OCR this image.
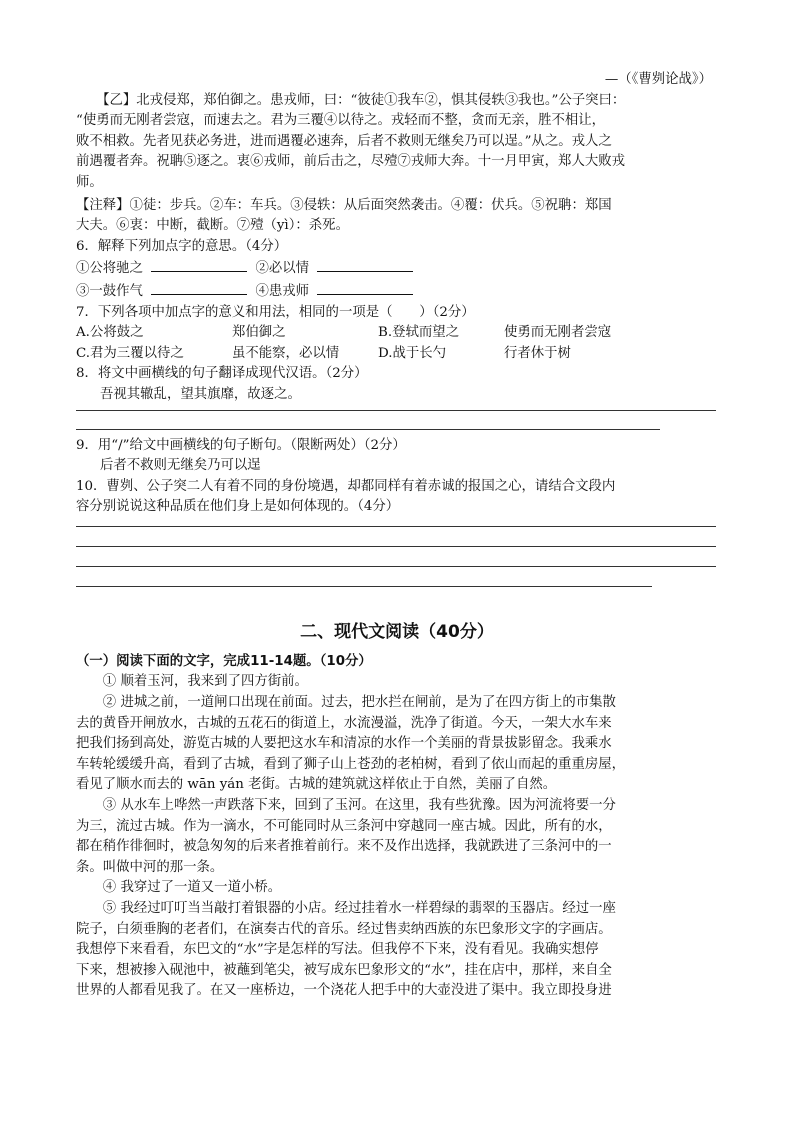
—（《曹刿论战》）
【乙】北戎侵郑，郑伯御之。患戎师，曰：“彼徒①我车②，惧其侵轶③我也。”公子突曰：
“使勇而无刚者尝寇，而速去之。君为三覆④以待之。戎轻而不整，贪而无亲，胜不相让，
败不相救。先者见获必务进，进而遇覆必速奔，后者不救则无继矣乃可以逞。”从之。戎人之
前遇覆者奔。祝聃⑤逐之。衷⑥戎师，前后击之，尽殪⑦戎师大奔。十一月甲寅，郑人大败戎
师。
【注释】①徒：步兵。②车：车兵。③侵轶：从后面突然袭击。④覆：伏兵。⑤祝聃：郑国
大夫。⑥衷：中断，截断。⑦殪（yì）：杀死。
6．解释下列加点字的意思。（4分）
①公将驰之	②必以情
③一鼓作气	④患戎师
7．下列各项中加点字的意义和用法，相同的一项是（　　）（2分）
A.公将鼓之	郑伯御之	B.登轼而望之	使勇而无刚者尝寇
C.君为三覆以待之	虽不能察，必以情	D.战于长勺	行者休于树
8．将文中画横线的句子翻译成现代汉语。（2分）
吾视其辙乱，望其旗靡，故逐之。
9．用“/”给文中画横线的句子断句。（限断两处）（2分）
后者不救则无继矣乃可以逞
10．曹刿、公子突二人有着不同的身份境遇，却都同样有着赤诚的报国之心，请结合文段内
容分别说说这种品质在他们身上是如何体现的。（4分）
二、现代文阅读（40分）
（一）阅读下面的文字，完成11-14题。（10分）
① 顺着玉河，我来到了四方街前。
② 进城之前，一道闸口出现在前面。过去，把水拦在闸前，是为了在四方街上的市集散
去的黄昏开闸放水，古城的五花石的街道上，水流漫溢，洗净了街道。今天，一架大水车来
把我们扬到高处，游览古城的人要把这水车和清凉的水作一个美丽的背景拔影留念。我乘水
车转轮缓缓升高，看到了古城，看到了狮子山上苍劲的老柏树，看到了依山而起的重重房屋，
看见了顺水而去的 wān yán 老街。古城的建筑就这样依止于自然，美丽了自然。
③ 从水车上哗然一声跌落下来，回到了玉河。在这里，我有些犹豫。因为河流将要一分
为三，流过古城。作为一滴水，不可能同时从三条河中穿越同一座古城。因此，所有的水，
都在稍作徘徊时，被急匆匆的后来者推着前行。来不及作出选择，我就跌进了三条河中的一
条。叫做中河的那一条。
④ 我穿过了一道又一道小桥。
⑤ 我经过叮叮当当敲打着银器的小店。经过挂着水一样碧绿的翡翠的玉器店。经过一座
院子，白须垂胸的老者们，在演奏古代的音乐。经过售卖纳西族的东巴象形文字的字画店。
我想停下来看看，东巴文的“水”字是怎样的写法。但我停不下来，没有看见。我确实想停
下来，想被掺入砚池中，被蘸到笔尖，被写成东巴象形文的“水”，挂在店中，那样，来自全
世界的人都看见我了。在又一座桥边，一个浇花人把手中的大壶没进了渠中。我立即投身进
